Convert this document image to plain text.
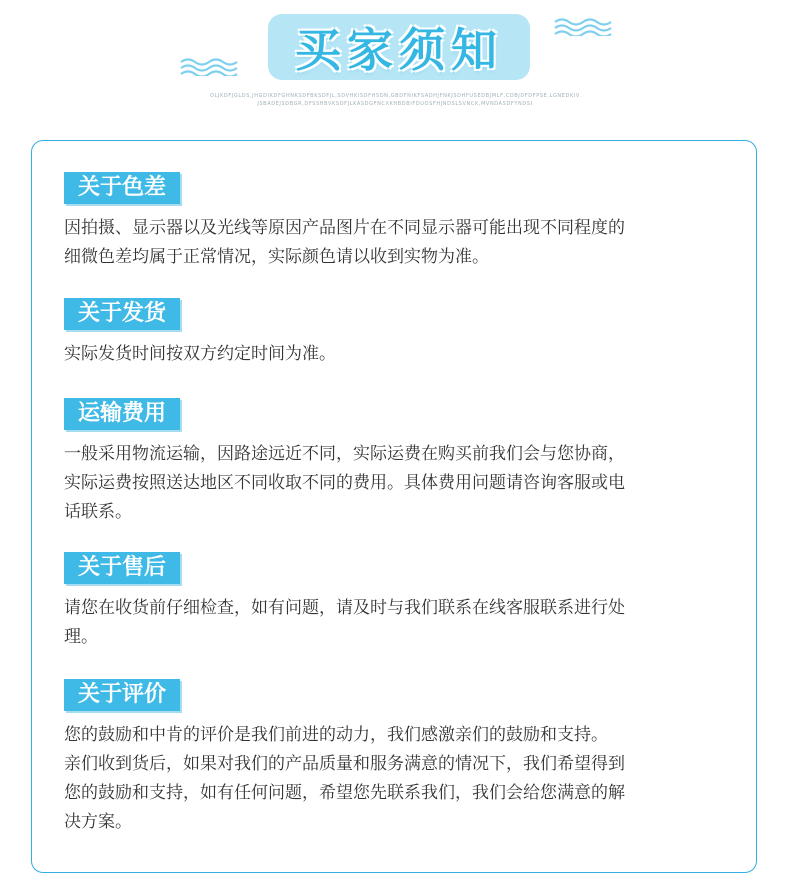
买家须知
OLJKDFJGLDS,JHGDIKDFGHNKSDFBKSDFJL,SDVHKISDFHSDN,GBDFNIKFSADHJFNKJSDHFUSEDBJMLF,CDBJDFDFPSE,LGNEDKIV
JSBADEJSDBGR,DFSSHBVKSDFJLKASDGFNCXKHBDBIFDUOSFHJNDSLSVNCK,MVNDASDFYNDSI
关于色差
因拍摄、显示器以及光线等原因产品图片在不同显示器可能出现不同程度的
细微色差均属于正常情况，实际颜色请以收到实物为准。
关于发货
实际发货时间按双方约定时间为准。
运输费用
一般采用物流运输，因路途远近不同，实际运费在购买前我们会与您协商，
实际运费按照送达地区不同收取不同的费用。具体费用问题请咨询客服或电
话联系。
关于售后
请您在收货前仔细检查，如有问题，请及时与我们联系在线客服联系进行处
理。
关于评价
您的鼓励和中肯的评价是我们前进的动力，我们感激亲们的鼓励和支持。
亲们收到货后，如果对我们的产品质量和服务满意的情况下，我们希望得到
您的鼓励和支持，如有任何问题，希望您先联系我们，我们会给您满意的解
决方案。
